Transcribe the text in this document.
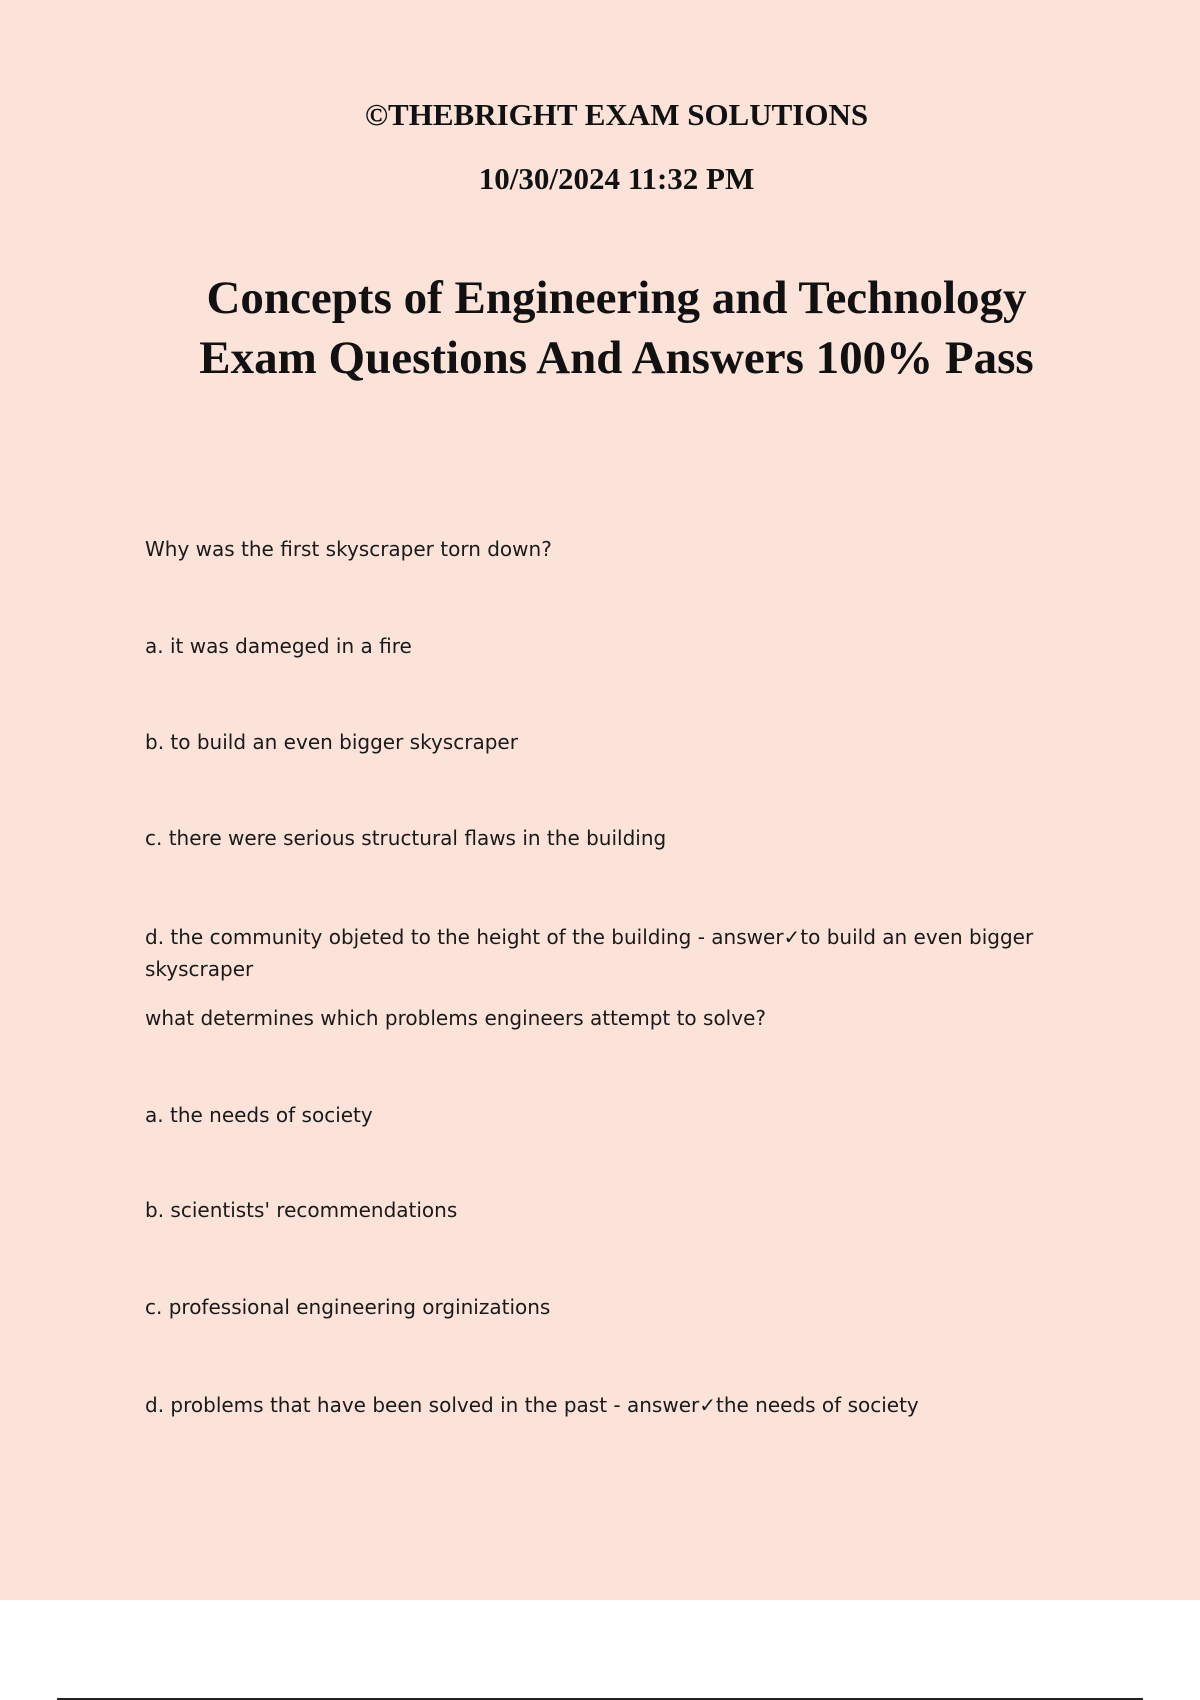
©THEBRIGHT EXAM SOLUTIONS

10/30/2024 11:32 PM

Concepts of Engineering and Technology
Exam Questions And Answers 100% Pass

Why was the first skyscraper torn down?

a. it was dameged in a fire

b. to build an even bigger skyscraper

c. there were serious structural flaws in the building

d. the community objeted to the height of the building - answer✓to build an even bigger

skyscraper

what determines which problems engineers attempt to solve?

a. the needs of society

b. scientists' recommendations

c. professional engineering orginizations

d. problems that have been solved in the past - answer✓the needs of society
